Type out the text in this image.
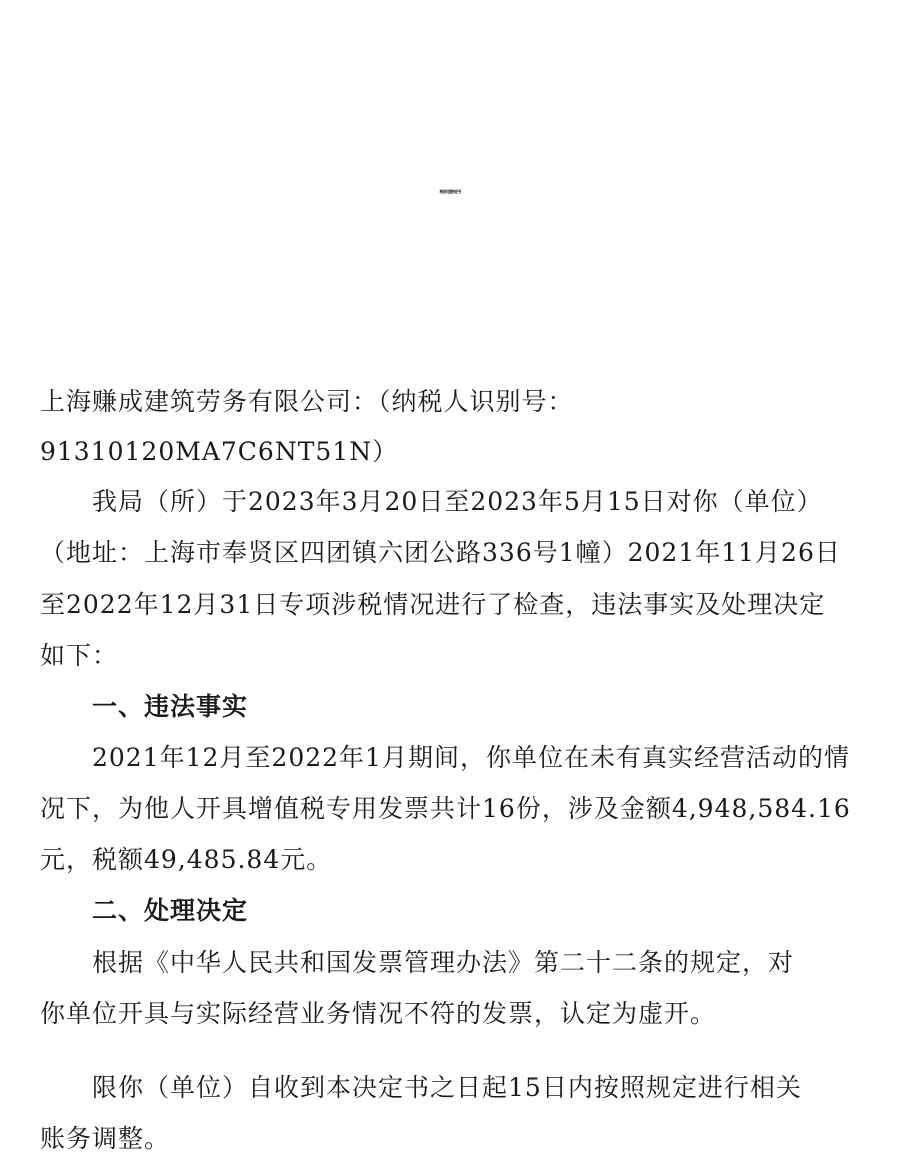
税务处理决定书
上海赚成建筑劳务有限公司：（纳税人识别号：
91310120MA7C6NT51N）
我局（所）于2023年3月20日至2023年5月15日对你（单位）
（地址：上海市奉贤区四团镇六团公路336号1幢）2021年11月26日
至2022年12月31日专项涉税情况进行了检查，违法事实及处理决定
如下：
一、违法事实
2021年12月至2022年1月期间，你单位在未有真实经营活动的情
况下，为他人开具增值税专用发票共计16份，涉及金额4,948,584.16
元，税额49,485.84元。
二、处理决定
根据《中华人民共和国发票管理办法》第二十二条的规定，对
你单位开具与实际经营业务情况不符的发票，认定为虚开。
限你（单位）自收到本决定书之日起15日内按照规定进行相关
账务调整。
